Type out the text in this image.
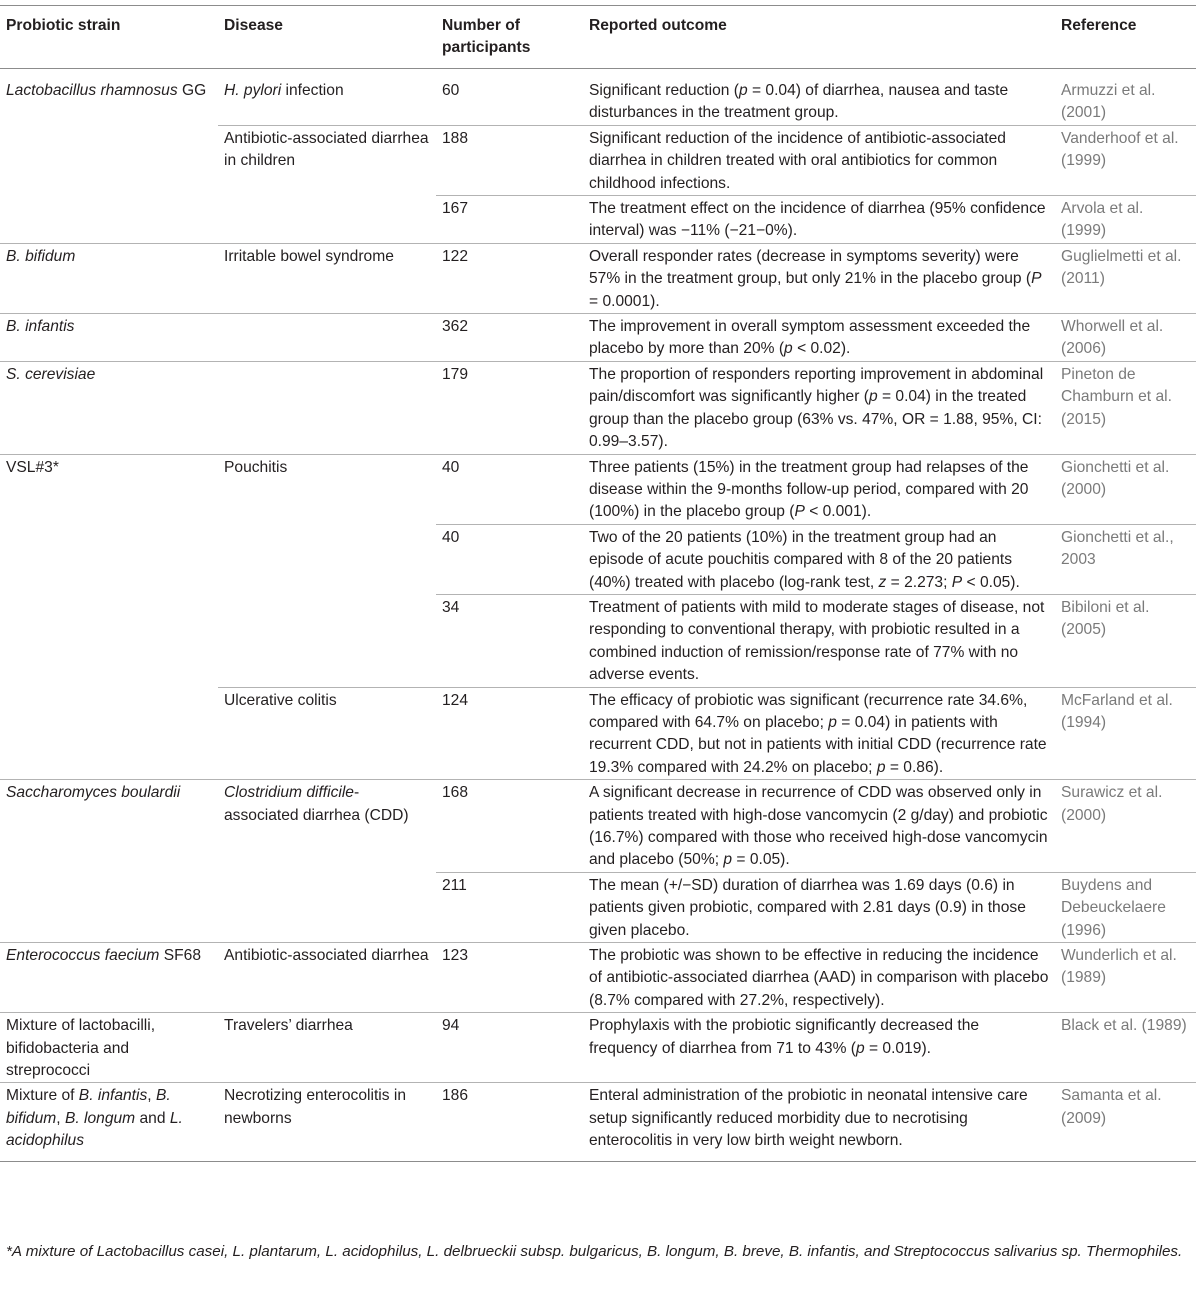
Probiotic strain	Disease	Number of participants	Reported outcome	Reference
Lactobacillus rhamnosus GG	H. pylori infection	60	Significant reduction (p = 0.04) of diarrhea, nausea and taste disturbances in the treatment group.	Armuzzi et al. (2001)
	Antibiotic-associated diarrhea in children	188	Significant reduction of the incidence of antibiotic-associated diarrhea in children treated with oral antibiotics for common childhood infections.	Vanderhoof et al. (1999)
		167	The treatment effect on the incidence of diarrhea (95% confidence interval) was −11% (−21−0%).	Arvola et al. (1999)
B. bifidum	Irritable bowel syndrome	122	Overall responder rates (decrease in symptoms severity) were 57% in the treatment group, but only 21% in the placebo group (P = 0.0001).	Guglielmetti et al. (2011)
B. infantis		362	The improvement in overall symptom assessment exceeded the placebo by more than 20% (p < 0.02).	Whorwell et al. (2006)
S. cerevisiae		179	The proportion of responders reporting improvement in abdominal pain/discomfort was significantly higher (p = 0.04) in the treated group than the placebo group (63% vs. 47%, OR = 1.88, 95%, CI: 0.99–3.57).	Pineton de Chamburn et al. (2015)
VSL#3*	Pouchitis	40	Three patients (15%) in the treatment group had relapses of the disease within the 9-months follow-up period, compared with 20 (100%) in the placebo group (P < 0.001).	Gionchetti et al. (2000)
		40	Two of the 20 patients (10%) in the treatment group had an episode of acute pouchitis compared with 8 of the 20 patients (40%) treated with placebo (log-rank test, z = 2.273; P < 0.05).	Gionchetti et al., 2003
		34	Treatment of patients with mild to moderate stages of disease, not responding to conventional therapy, with probiotic resulted in a combined induction of remission/response rate of 77% with no adverse events.	Bibiloni et al. (2005)
	Ulcerative colitis	124	The efficacy of probiotic was significant (recurrence rate 34.6%, compared with 64.7% on placebo; p = 0.04) in patients with recurrent CDD, but not in patients with initial CDD (recurrence rate 19.3% compared with 24.2% on placebo; p = 0.86).	McFarland et al. (1994)
Saccharomyces boulardii	Clostridium difficile-associated diarrhea (CDD)	168	A significant decrease in recurrence of CDD was observed only in patients treated with high-dose vancomycin (2 g/day) and probiotic (16.7%) compared with those who received high-dose vancomycin and placebo (50%; p = 0.05).	Surawicz et al. (2000)
		211	The mean (+/−SD) duration of diarrhea was 1.69 days (0.6) in patients given probiotic, compared with 2.81 days (0.9) in those given placebo.	Buydens and Debeuckelaere (1996)
Enterococcus faecium SF68	Antibiotic-associated diarrhea	123	The probiotic was shown to be effective in reducing the incidence of antibiotic-associated diarrhea (AAD) in comparison with placebo (8.7% compared with 27.2%, respectively).	Wunderlich et al. (1989)
Mixture of lactobacilli, bifidobacteria and streprococci	Travelers’ diarrhea	94	Prophylaxis with the probiotic significantly decreased the frequency of diarrhea from 71 to 43% (p = 0.019).	Black et al. (1989)
Mixture of B. infantis, B. bifidum, B. longum and L. acidophilus	Necrotizing enterocolitis in newborns	186	Enteral administration of the probiotic in neonatal intensive care setup significantly reduced morbidity due to necrotising enterocolitis in very low birth weight newborn.	Samanta et al. (2009)
*A mixture of Lactobacillus casei, L. plantarum, L. acidophilus, L. delbrueckii subsp. bulgaricus, B. longum, B. breve, B. infantis, and Streptococcus salivarius sp. Thermophiles.
